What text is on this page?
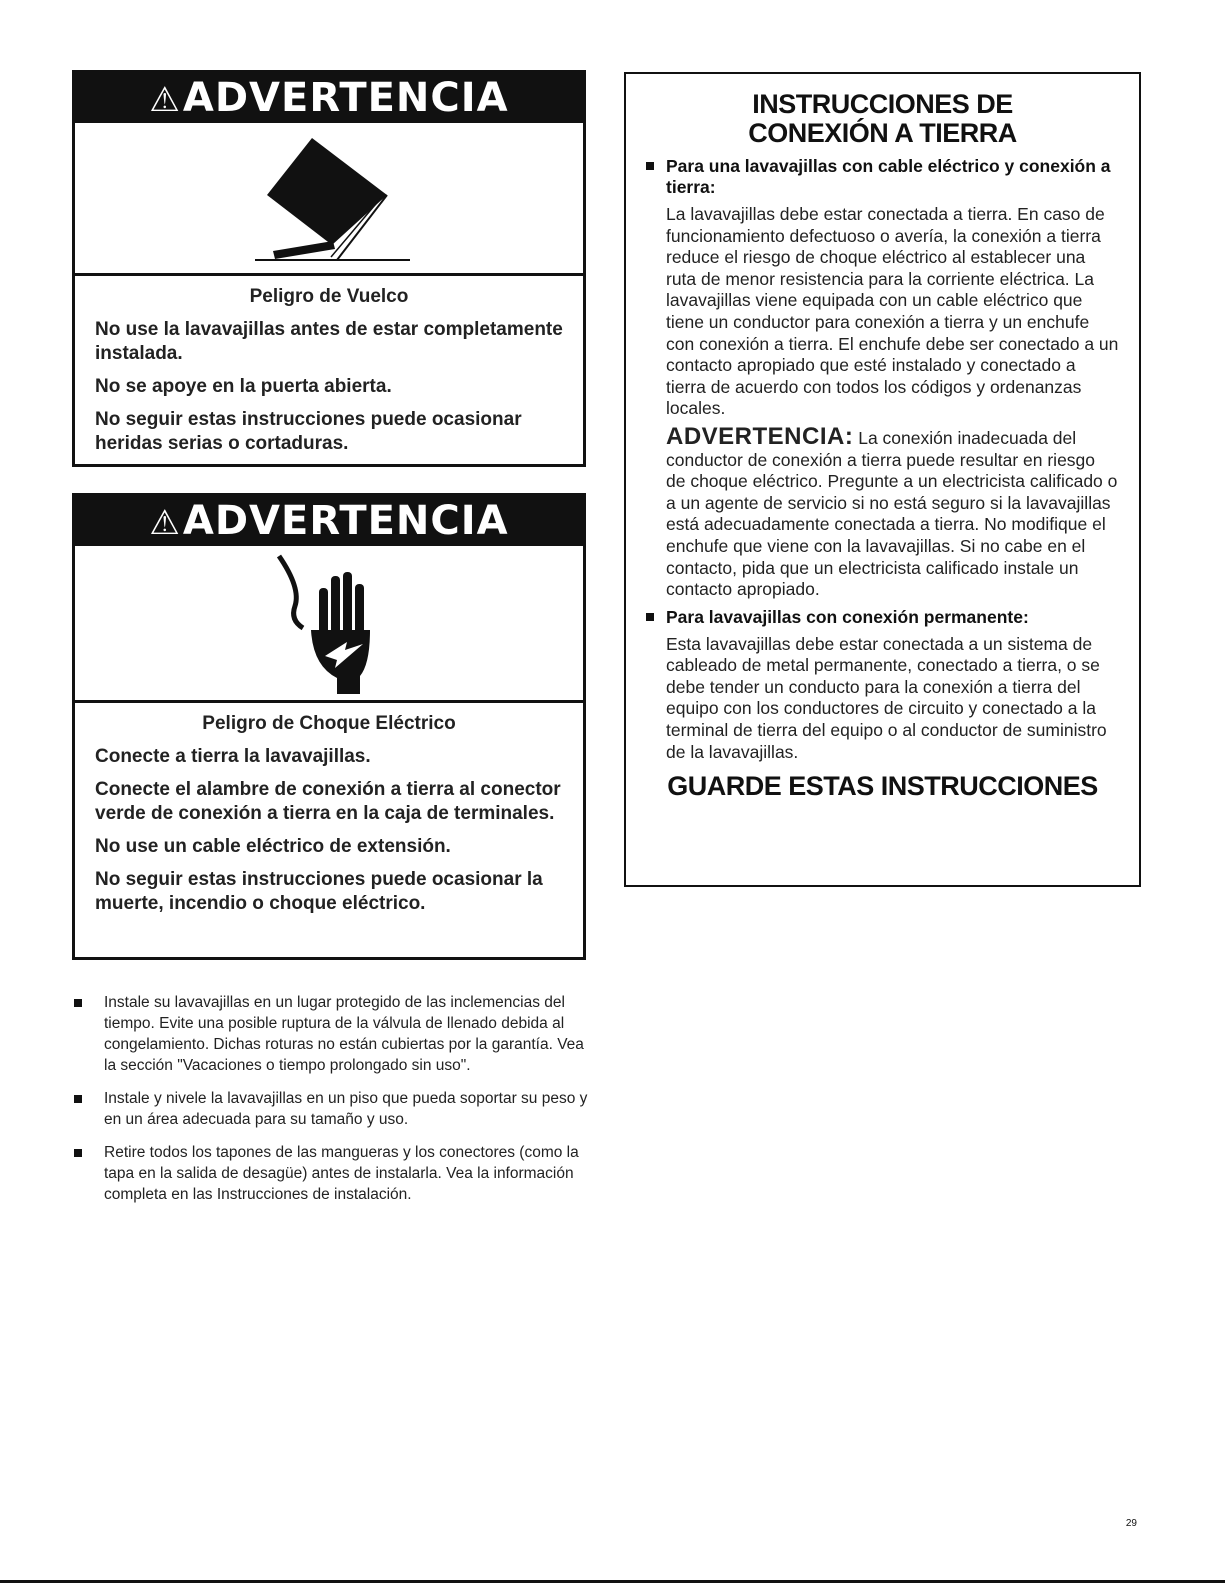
⚠ADVERTENCIA
Peligro de Vuelco

No use la lavavajillas antes de estar completamente instalada.

No se apoye en la puerta abierta.

No seguir estas instrucciones puede ocasionar heridas serias o cortaduras.

⚠ADVERTENCIA
Peligro de Choque Eléctrico

Conecte a tierra la lavavajillas.

Conecte el alambre de conexión a tierra al conector verde de conexión a tierra en la caja de terminales.

No use un cable eléctrico de extensión.

No seguir estas instrucciones puede ocasionar la muerte, incendio o choque eléctrico.

Instale su lavavajillas en un lugar protegido de las inclemencias del tiempo. Evite una posible ruptura de la válvula de llenado debida al congelamiento. Dichas roturas no están cubiertas por la garantía. Vea la sección "Vacaciones o tiempo prolongado sin uso".
Instale y nivele la lavavajillas en un piso que pueda soportar su peso y en un área adecuada para su tamaño y uso.
Retire todos los tapones de las mangueras y los conectores (como la tapa en la salida de desagüe) antes de instalarla. Vea la información completa en las Instrucciones de instalación.
INSTRUCCIONES DE
CONEXIÓN A TIERRA
Para una lavavajillas con cable eléctrico y conexión a tierra:

La lavavajillas debe estar conectada a tierra. En caso de funcionamiento defectuoso o avería, la conexión a tierra reduce el riesgo de choque eléctrico al establecer una ruta de menor resistencia para la corriente eléctrica. La lavavajillas viene equipada con un cable eléctrico que tiene un conductor para conexión a tierra y un enchufe con conexión a tierra. El enchufe debe ser conectado a un contacto apropiado que esté instalado y conectado a tierra de acuerdo con todos los códigos y ordenanzas locales.

ADVERTENCIA: La conexión inadecuada del conductor de conexión a tierra puede resultar en riesgo de choque eléctrico. Pregunte a un electricista calificado o a un agente de servicio si no está seguro si la lavavajillas está adecuadamente conectada a tierra. No modifique el enchufe que viene con la lavavajillas. Si no cabe en el contacto, pida que un electricista calificado instale un contacto apropiado.

Para lavavajillas con conexión permanente:

Esta lavavajillas debe estar conectada a un sistema de cableado de metal permanente, conectado a tierra, o se debe tender un conducto para la conexión a tierra del equipo con los conductores de circuito y conectado a la terminal de tierra del equipo o al conductor de suministro de la lavavajillas.

GUARDE ESTAS INSTRUCCIONES
29
